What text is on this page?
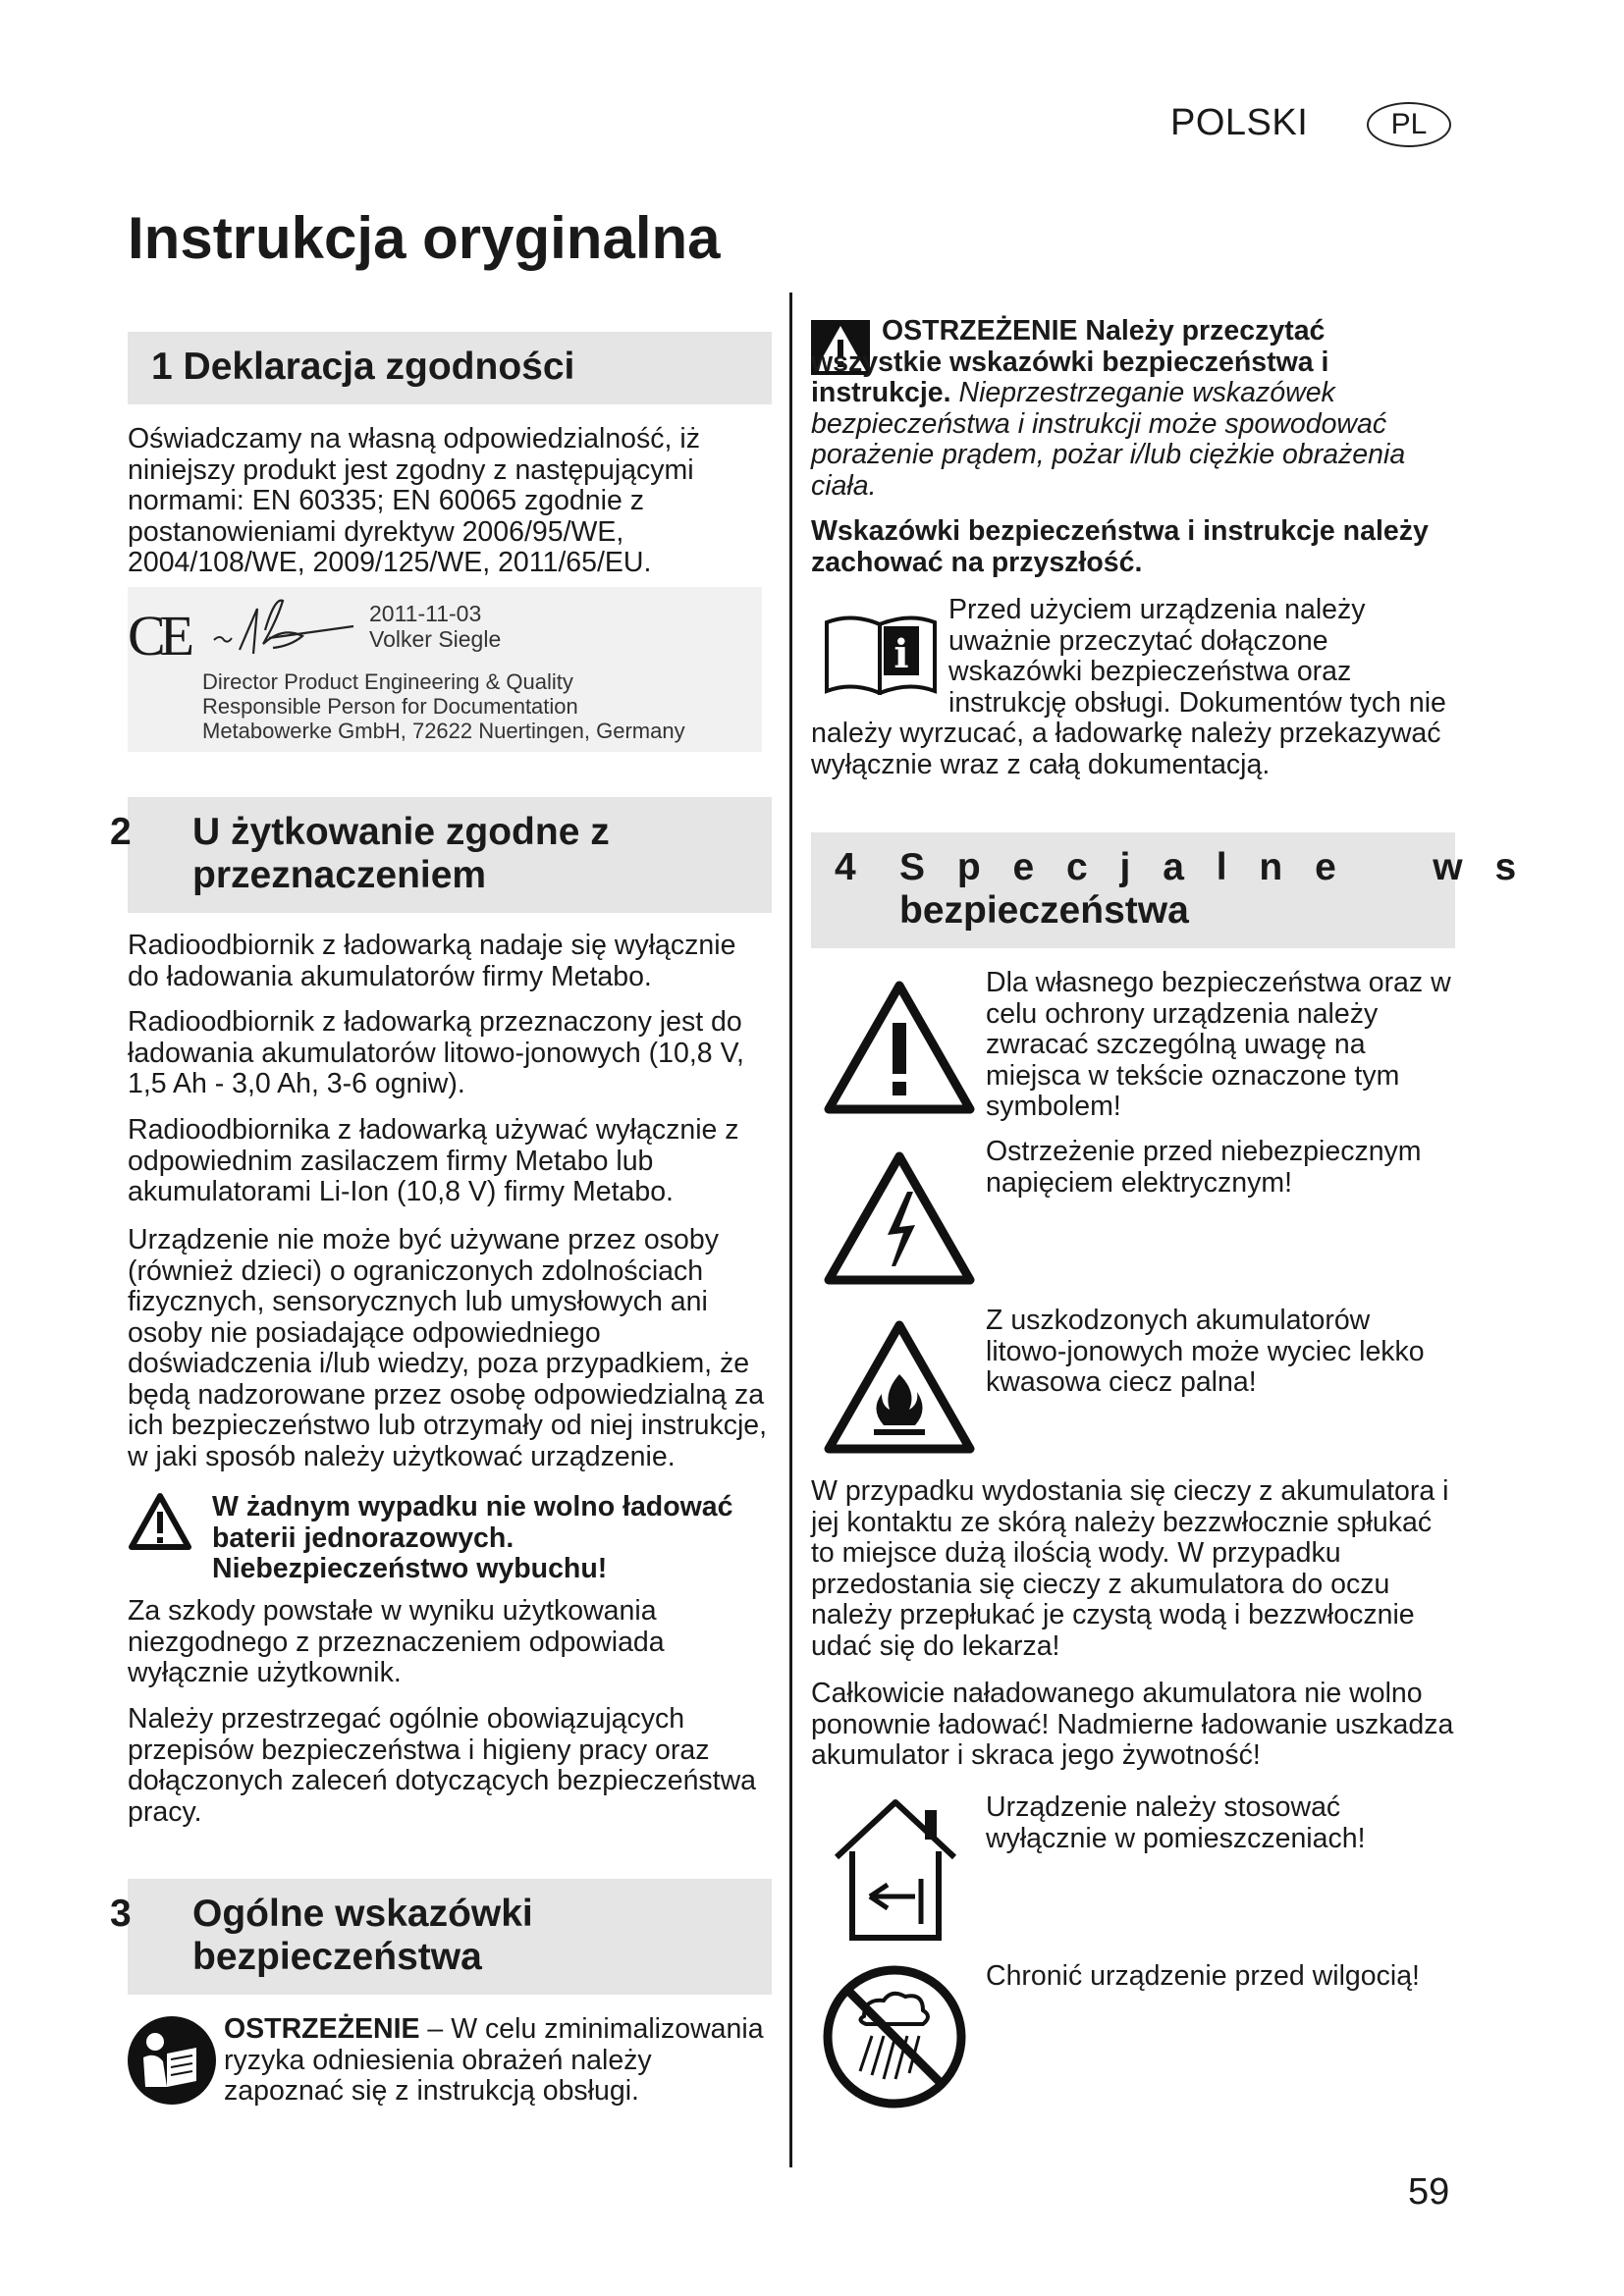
POLSKI	PL
Instrukcja oryginalna
1 Deklaracja zgodności

Oświadczamy na własną odpowiedzialność, iż niniejszy produkt jest zgodny z następującymi normami: EN 60335; EN 60065 zgodnie z postanowieniami dyrektyw 2006/95/WE, 2004/108/WE, 2009/125/WE, 2011/65/EU.

CE	2011-11-03
Volker Siegle
Director Product Engineering & Quality
Responsible Person for Documentation
Metabowerke GmbH, 72622 Nuertingen, Germany
2 U żytkowanie zgodne z
przeznaczeniem

Radioodbiornik z ładowarką nadaje się wyłącznie do ładowania akumulatorów firmy Metabo.

Radioodbiornik z ładowarką przeznaczony jest do ładowania akumulatorów litowo-jonowych (10,8 V, 1,5 Ah - 3,0 Ah, 3-6 ogniw).

Radioodbiornika z ładowarką używać wyłącznie z odpowiednim zasilaczem firmy Metabo lub akumulatorami Li-Ion (10,8 V) firmy Metabo.

Urządzenie nie może być używane przez osoby (również dzieci) o ograniczonych zdolnościach fizycznych, sensorycznych lub umysłowych ani osoby nie posiadające odpowiedniego doświadczenia i/lub wiedzy, poza przypadkiem, że będą nadzorowane przez osobę odpowiedzialną za ich bezpieczeństwo lub otrzymały od niej instrukcje, w jaki sposób należy użytkować urządzenie.

W żadnym wypadku nie wolno ładować baterii jednorazowych. Niebezpieczeństwo wybuchu!

Za szkody powstałe w wyniku użytkowania niezgodnego z przeznaczeniem odpowiada wyłącznie użytkownik.

Należy przestrzegać ogólnie obowiązujących przepisów bezpieczeństwa i higieny pracy oraz dołączonych zaleceń dotyczących bezpieczeństwa pracy.

3 Ogólne wskazówki
bezpieczeństwa

OSTRZEŻENIE – W celu zminimalizowania ryzyka odniesienia obrażeń należy zapoznać się z instrukcją obsługi.

OSTRZEŻENIE Należy przeczytać wszystkie wskazówki bezpieczeństwa i instrukcje. Nieprzestrzeganie wskazówek bezpieczeństwa i instrukcji może spowodować porażenie prądem, pożar i/lub ciężkie obrażenia ciała.

Wskazówki bezpieczeństwa i instrukcje należy zachować na przyszłość.

i

Przed użyciem urządzenia należy uważnie przeczytać dołączone wskazówki bezpieczeństwa oraz instrukcję obsługi. Dokumentów tych nie należy wyrzucać, a ładowarkę należy przekazywać wyłącznie wraz z całą dokumentacją.

4 S p e c j a l n e   w s
bezpieczeństwa

Dla własnego bezpieczeństwa oraz w celu ochrony urządzenia należy zwracać szczególną uwagę na miejsca w tekście oznaczone tym symbolem!

Ostrzeżenie przed niebezpiecznym napięciem elektrycznym!

Z uszkodzonych akumulatorów litowo-jonowych może wyciec lekko kwasowa ciecz palna!

W przypadku wydostania się cieczy z akumulatora i jej kontaktu ze skórą należy bezzwłocznie spłukać to miejsce dużą ilością wody. W przypadku przedostania się cieczy z akumulatora do oczu należy przepłukać je czystą wodą i bezzwłocznie udać się do lekarza!

Całkowicie naładowanego akumulatora nie wolno ponownie ładować! Nadmierne ładowanie uszkadza akumulator i skraca jego żywotność!

Urządzenie należy stosować wyłącznie w pomieszczeniach!

Chronić urządzenie przed wilgocią!

59
